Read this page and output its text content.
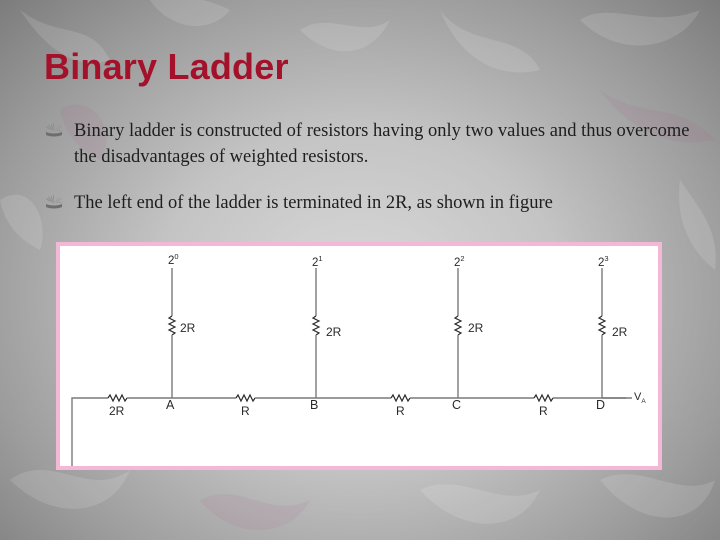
Binary Ladder
Binary ladder is constructed of resistors having only two values and thus overcome the disadvantages of weighted resistors.
The left end of the ladder is terminated in 2R, as shown in figure
$2^0$
$2^1$	$2^2$	$2^3$
2R	2R	2R	2R
2R	R	R	R
A	B	C	D
$V_A$
